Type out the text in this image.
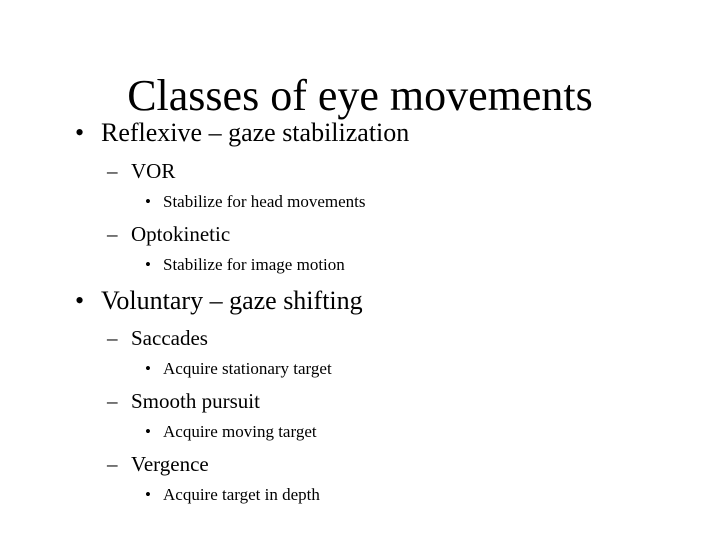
Classes of eye movements
• Reflexive – gaze stabilization
– VOR
• Stabilize for head movements
– Optokinetic
• Stabilize for image motion
• Voluntary – gaze shifting
– Saccades
• Acquire stationary target
– Smooth pursuit
• Acquire moving target
– Vergence
• Acquire target in depth
